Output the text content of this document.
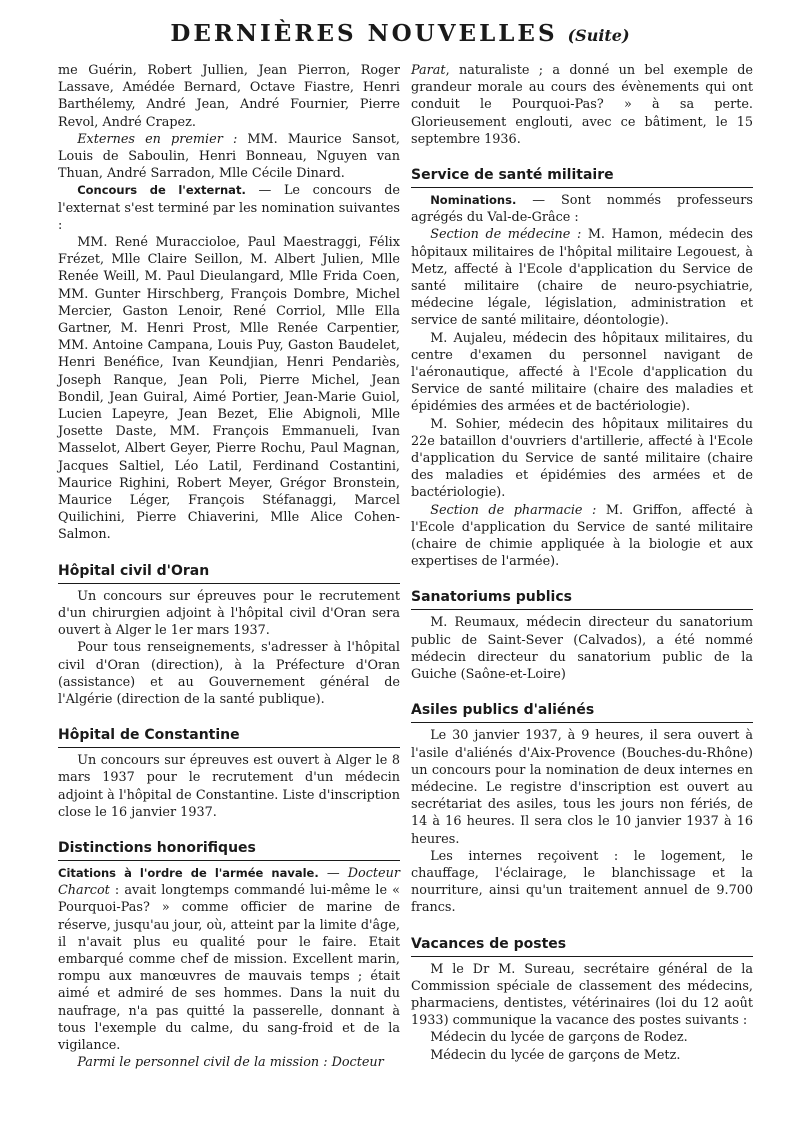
DERNIÈRES NOUVELLES (Suite)

me Guérin, Robert Jullien, Jean Pierron, Roger Lassave, Amédée Bernard, Octave Fiastre, Henri Barthélemy, André Jean, André Fournier, Pierre Revol, André Crapez.

Externes en premier : MM. Maurice Sansot, Louis de Saboulin, Henri Bonneau, Nguyen van Thuan, André Sarradon, Mlle Cécile Dinard.

Concours de l'externat. — Le concours de l'externat s'est terminé par les nomination suivantes :

MM. René Muraccioloe, Paul Maestraggi, Félix Frézet, Mlle Claire Seillon, M. Albert Julien, Mlle Renée Weill, M. Paul Dieulangard, Mlle Frida Coen, MM. Gunter Hirschberg, François Dombre, Michel Mercier, Gaston Lenoir, René Corriol, Mlle Ella Gartner, M. Henri Prost, Mlle Renée Carpentier, MM. Antoine Campana, Louis Puy, Gaston Baudelet, Henri Benéfice, Ivan Keundjian, Henri Pendariès, Joseph Ranque, Jean Poli, Pierre Michel, Jean Bondil, Jean Guiral, Aimé Portier, Jean-Marie Guiol, Lucien Lapeyre, Jean Bezet, Elie Abignoli, Mlle Josette Daste, MM. François Emmanueli, Ivan Masselot, Albert Geyer, Pierre Rochu, Paul Magnan, Jacques Saltiel, Léo Latil, Ferdinand Costantini, Maurice Righini, Robert Meyer, Grégor Bronstein, Maurice Léger, François Stéfanaggi, Marcel Quilichini, Pierre Chiaverini, Mlle Alice Cohen-Salmon.

Hôpital civil d'Oran

Un concours sur épreuves pour le recrutement d'un chirurgien adjoint à l'hôpital civil d'Oran sera ouvert à Alger le 1er mars 1937.

Pour tous renseignements, s'adresser à l'hôpital civil d'Oran (direction), à la Préfecture d'Oran (assistance) et au Gouvernement général de l'Algérie (direction de la santé publique).

Hôpital de Constantine

Un concours sur épreuves est ouvert à Alger le 8 mars 1937 pour le recrutement d'un médecin adjoint à l'hôpital de Constantine. Liste d'inscription close le 16 janvier 1937.

Distinctions honorifiques

Citations à l'ordre de l'armée navale. — Docteur Charcot : avait longtemps commandé lui-même le « Pourquoi-Pas? » comme officier de marine de réserve, jusqu'au jour, où, atteint par la limite d'âge, il n'avait plus eu qualité pour le faire. Etait embarqué comme chef de mission. Excellent marin, rompu aux manœuvres de mauvais temps ; était aimé et admiré de ses hommes. Dans la nuit du naufrage, n'a pas quitté la passerelle, donnant à tous l'exemple du calme, du sang-froid et de la vigilance.

Parmi le personnel civil de la mission : Docteur

Parat, naturaliste ; a donné un bel exemple de grandeur morale au cours des évènements qui ont conduit le Pourquoi-Pas? » à sa perte. Glorieusement englouti, avec ce bâtiment, le 15 septembre 1936.

Service de santé militaire

Nominations. — Sont nommés professeurs agrégés du Val-de-Grâce :

Section de médecine : M. Hamon, médecin des hôpitaux militaires de l'hôpital militaire Legouest, à Metz, affecté à l'Ecole d'application du Service de santé militaire (chaire de neuro-psychiatrie, médecine légale, législation, administration et service de santé militaire, déontologie).

M. Aujaleu, médecin des hôpitaux militaires, du centre d'examen du personnel navigant de l'aéronautique, affecté à l'Ecole d'application du Service de santé militaire (chaire des maladies et épidémies des armées et de bactériologie).

M. Sohier, médecin des hôpitaux militaires du 22e bataillon d'ouvriers d'artillerie, affecté à l'Ecole d'application du Service de santé militaire (chaire des maladies et épidémies des armées et de bactériologie).

Section de pharmacie : M. Griffon, affecté à l'Ecole d'application du Service de santé militaire (chaire de chimie appliquée à la biologie et aux expertises de l'armée).

Sanatoriums publics

M. Reumaux, médecin directeur du sanatorium public de Saint-Sever (Calvados), a été nommé médecin directeur du sanatorium public de la Guiche (Saône-et-Loire)

Asiles publics d'aliénés

Le 30 janvier 1937, à 9 heures, il sera ouvert à l'asile d'aliénés d'Aix-Provence (Bouches-du-Rhône) un concours pour la nomination de deux internes en médecine. Le registre d'inscription est ouvert au secrétariat des asiles, tous les jours non fériés, de 14 à 16 heures. Il sera clos le 10 janvier 1937 à 16 heures.

Les internes reçoivent : le logement, le chauffage, l'éclairage, le blanchissage et la nourriture, ainsi qu'un traitement annuel de 9.700 francs.

Vacances de postes

M le Dr M. Sureau, secrétaire général de la Commission spéciale de classement des médecins, pharmaciens, dentistes, vétérinaires (loi du 12 août 1933) communique la vacance des postes suivants :

Médecin du lycée de garçons de Rodez.

Médecin du lycée de garçons de Metz.
